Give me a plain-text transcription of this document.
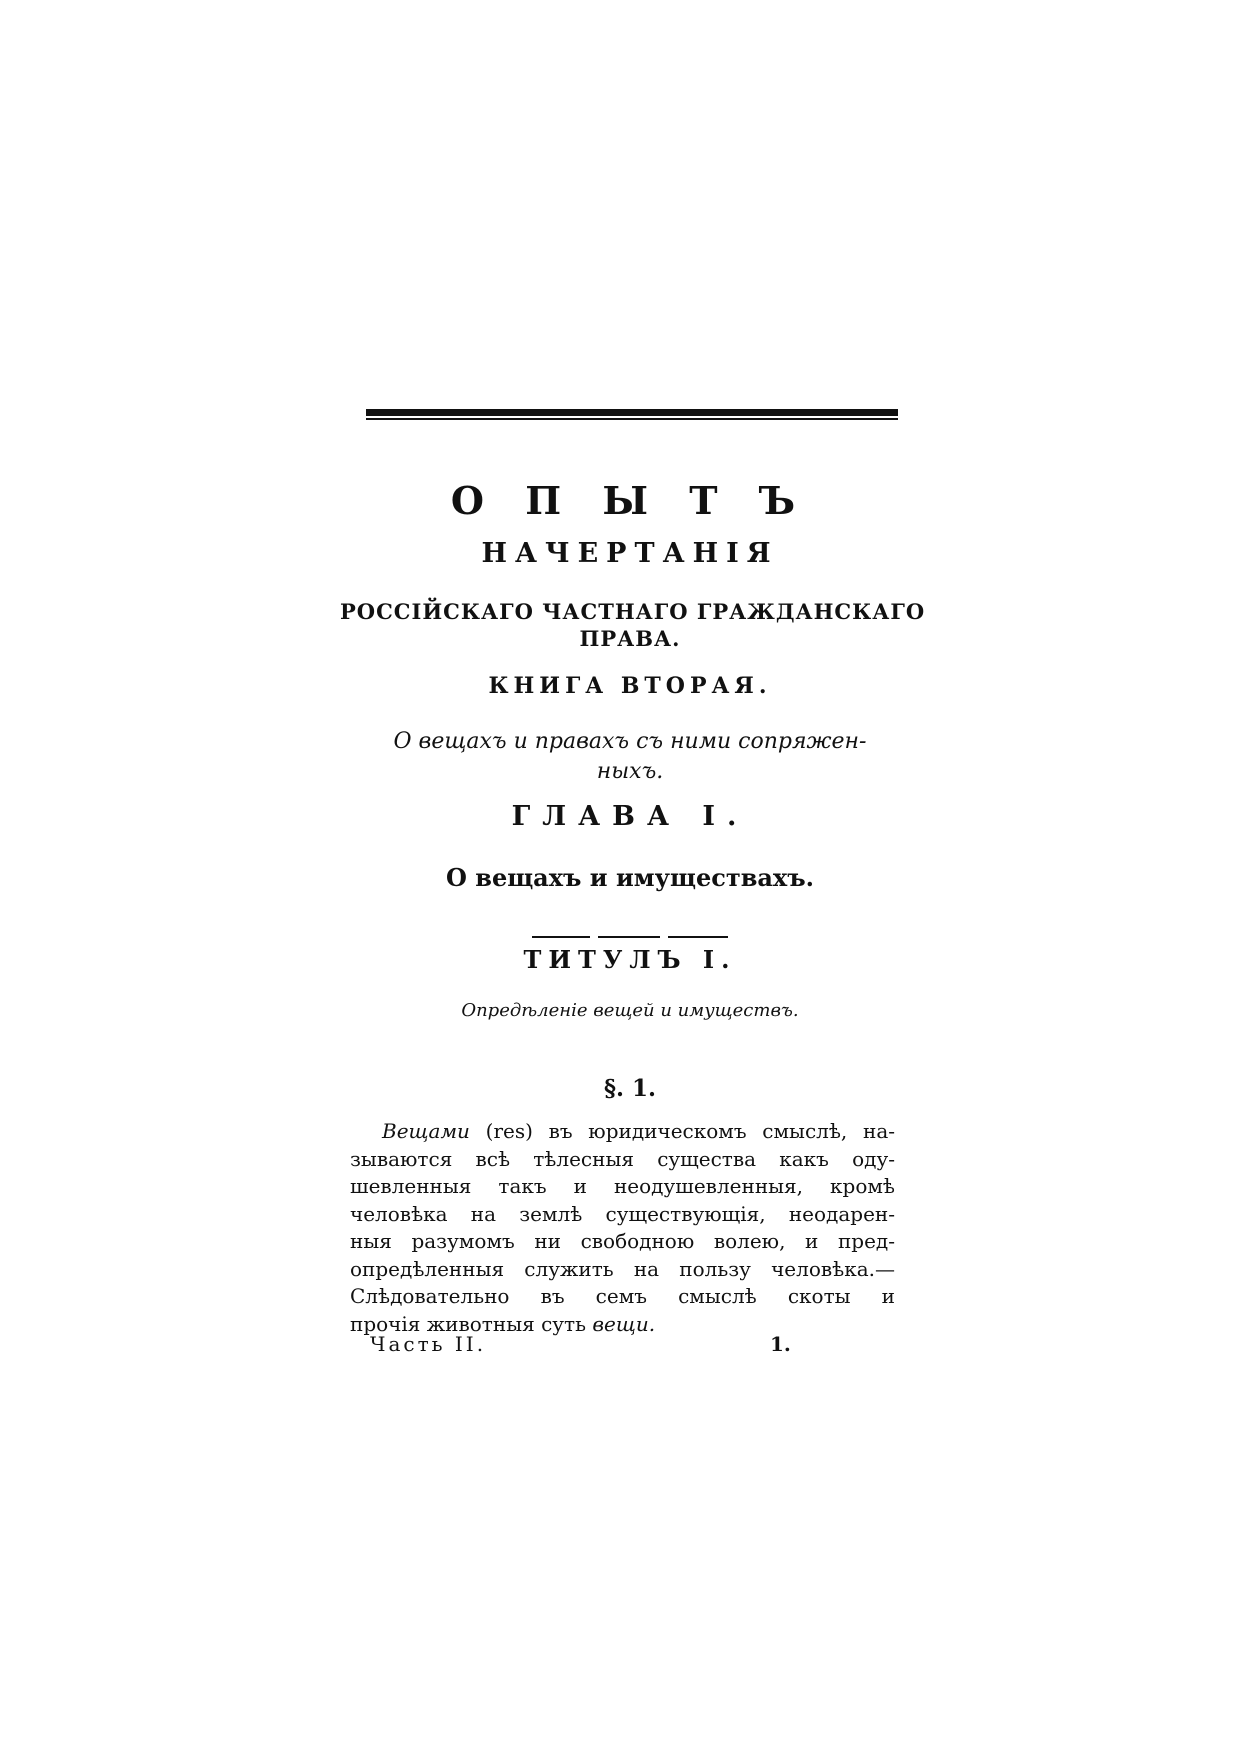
О П Ы Т Ъ
НАЧЕРТАНІЯ
РОССІЙСКАГО ЧАСТНАГО ГРАЖДАНСКАГО
ПРАВА.
КНИГА ВТОРАЯ.
О вещахъ и правахъ съ ними сопряжен-
ныхъ.
ГЛАВА І.
О вещахъ и имуществахъ.
ТИТУЛЪ І.
Опредѣленіе вещей и имуществъ.
§. 1.
Вещами (res) въ юридическомъ смыслѣ, на-
зываются всѣ тѣлесныя существа какъ оду-
шевленныя такъ и неодушевленныя, кромѣ
человѣка на землѣ существующія, неодарен-
ныя разумомъ ни свободною волею, и пред-
опредѣленныя служить на пользу человѣка.—
Слѣдовательно въ семъ смыслѣ скоты и
прочія животныя суть вещи.
Часть II.	1.
